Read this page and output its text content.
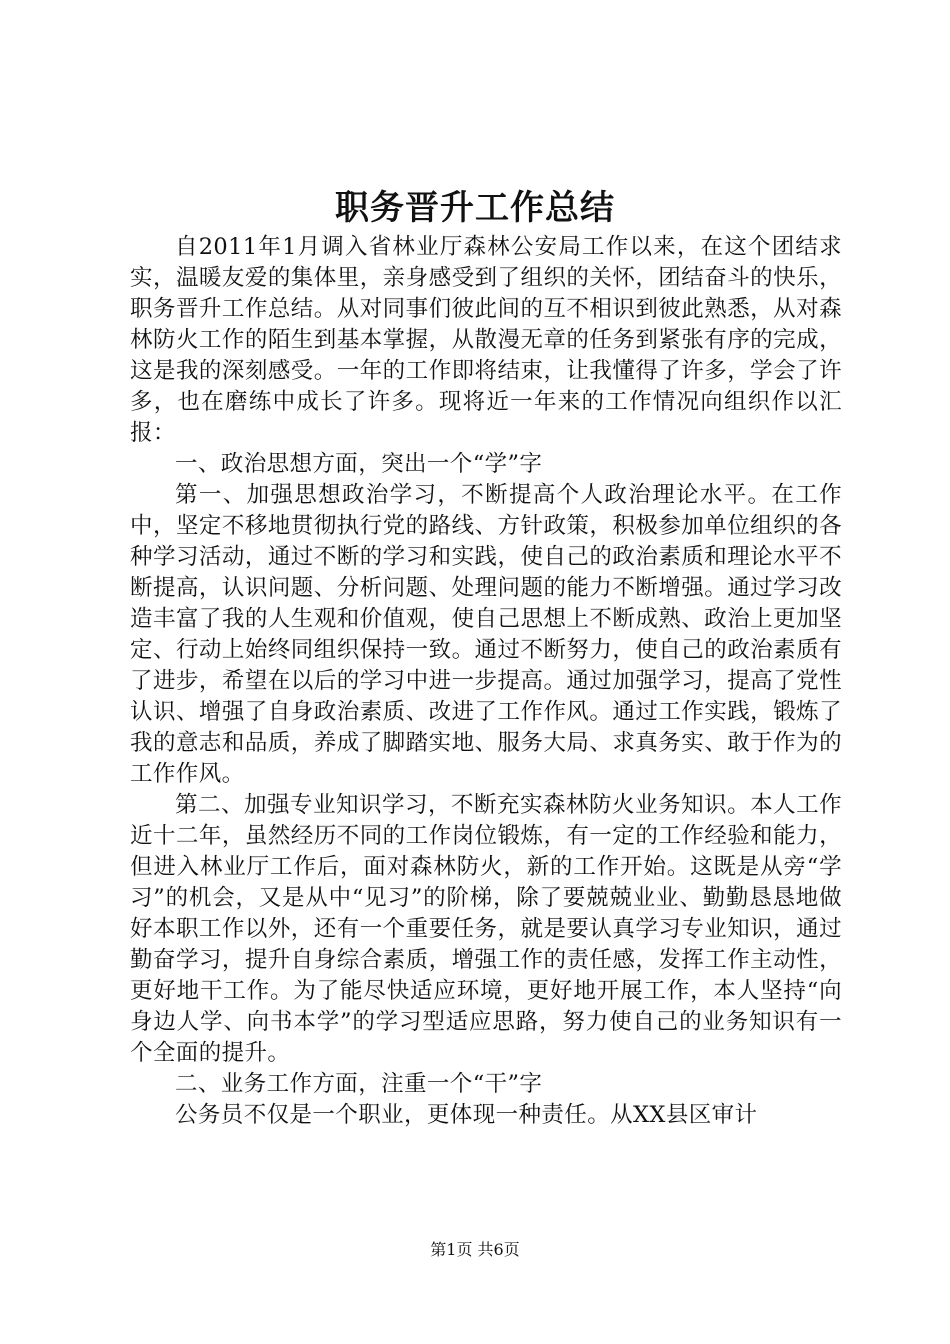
职务晋升工作总结

自2011年1月调入省林业厅森林公安局工作以来，在这个团结求实，温暖友爱的集体里，亲身感受到了组织的关怀，团结奋斗的快乐，职务晋升工作总结。从对同事们彼此间的互不相识到彼此熟悉，从对森林防火工作的陌生到基本掌握，从散漫无章的任务到紧张有序的完成，这是我的深刻感受。一年的工作即将结束，让我懂得了许多，学会了许多，也在磨练中成长了许多。现将近一年来的工作情况向组织作以汇报：

一、政治思想方面，突出一个“学”字

第一、加强思想政治学习，不断提高个人政治理论水平。在工作中，坚定不移地贯彻执行党的路线、方针政策，积极参加单位组织的各种学习活动，通过不断的学习和实践，使自己的政治素质和理论水平不断提高，认识问题、分析问题、处理问题的能力不断增强。通过学习改造丰富了我的人生观和价值观，使自己思想上不断成熟、政治上更加坚定、行动上始终同组织保持一致。通过不断努力，使自己的政治素质有了进步，希望在以后的学习中进一步提高。通过加强学习，提高了党性认识、增强了自身政治素质、改进了工作作风。通过工作实践，锻炼了我的意志和品质，养成了脚踏实地、服务大局、求真务实、敢于作为的工作作风。

第二、加强专业知识学习，不断充实森林防火业务知识。本人工作近十二年，虽然经历不同的工作岗位锻炼，有一定的工作经验和能力，但进入林业厅工作后，面对森林防火，新的工作开始。这既是从旁“学习”的机会，又是从中“见习”的阶梯，除了要兢兢业业、勤勤恳恳地做好本职工作以外，还有一个重要任务，就是要认真学习专业知识，通过勤奋学习，提升自身综合素质，增强工作的责任感，发挥工作主动性，更好地干工作。为了能尽快适应环境，更好地开展工作，本人坚持“向身边人学、向书本学”的学习型适应思路，努力使自己的业务知识有一个全面的提升。

二、业务工作方面，注重一个“干”字

公务员不仅是一个职业，更体现一种责任。从XX县区审计

第1页 共6页
